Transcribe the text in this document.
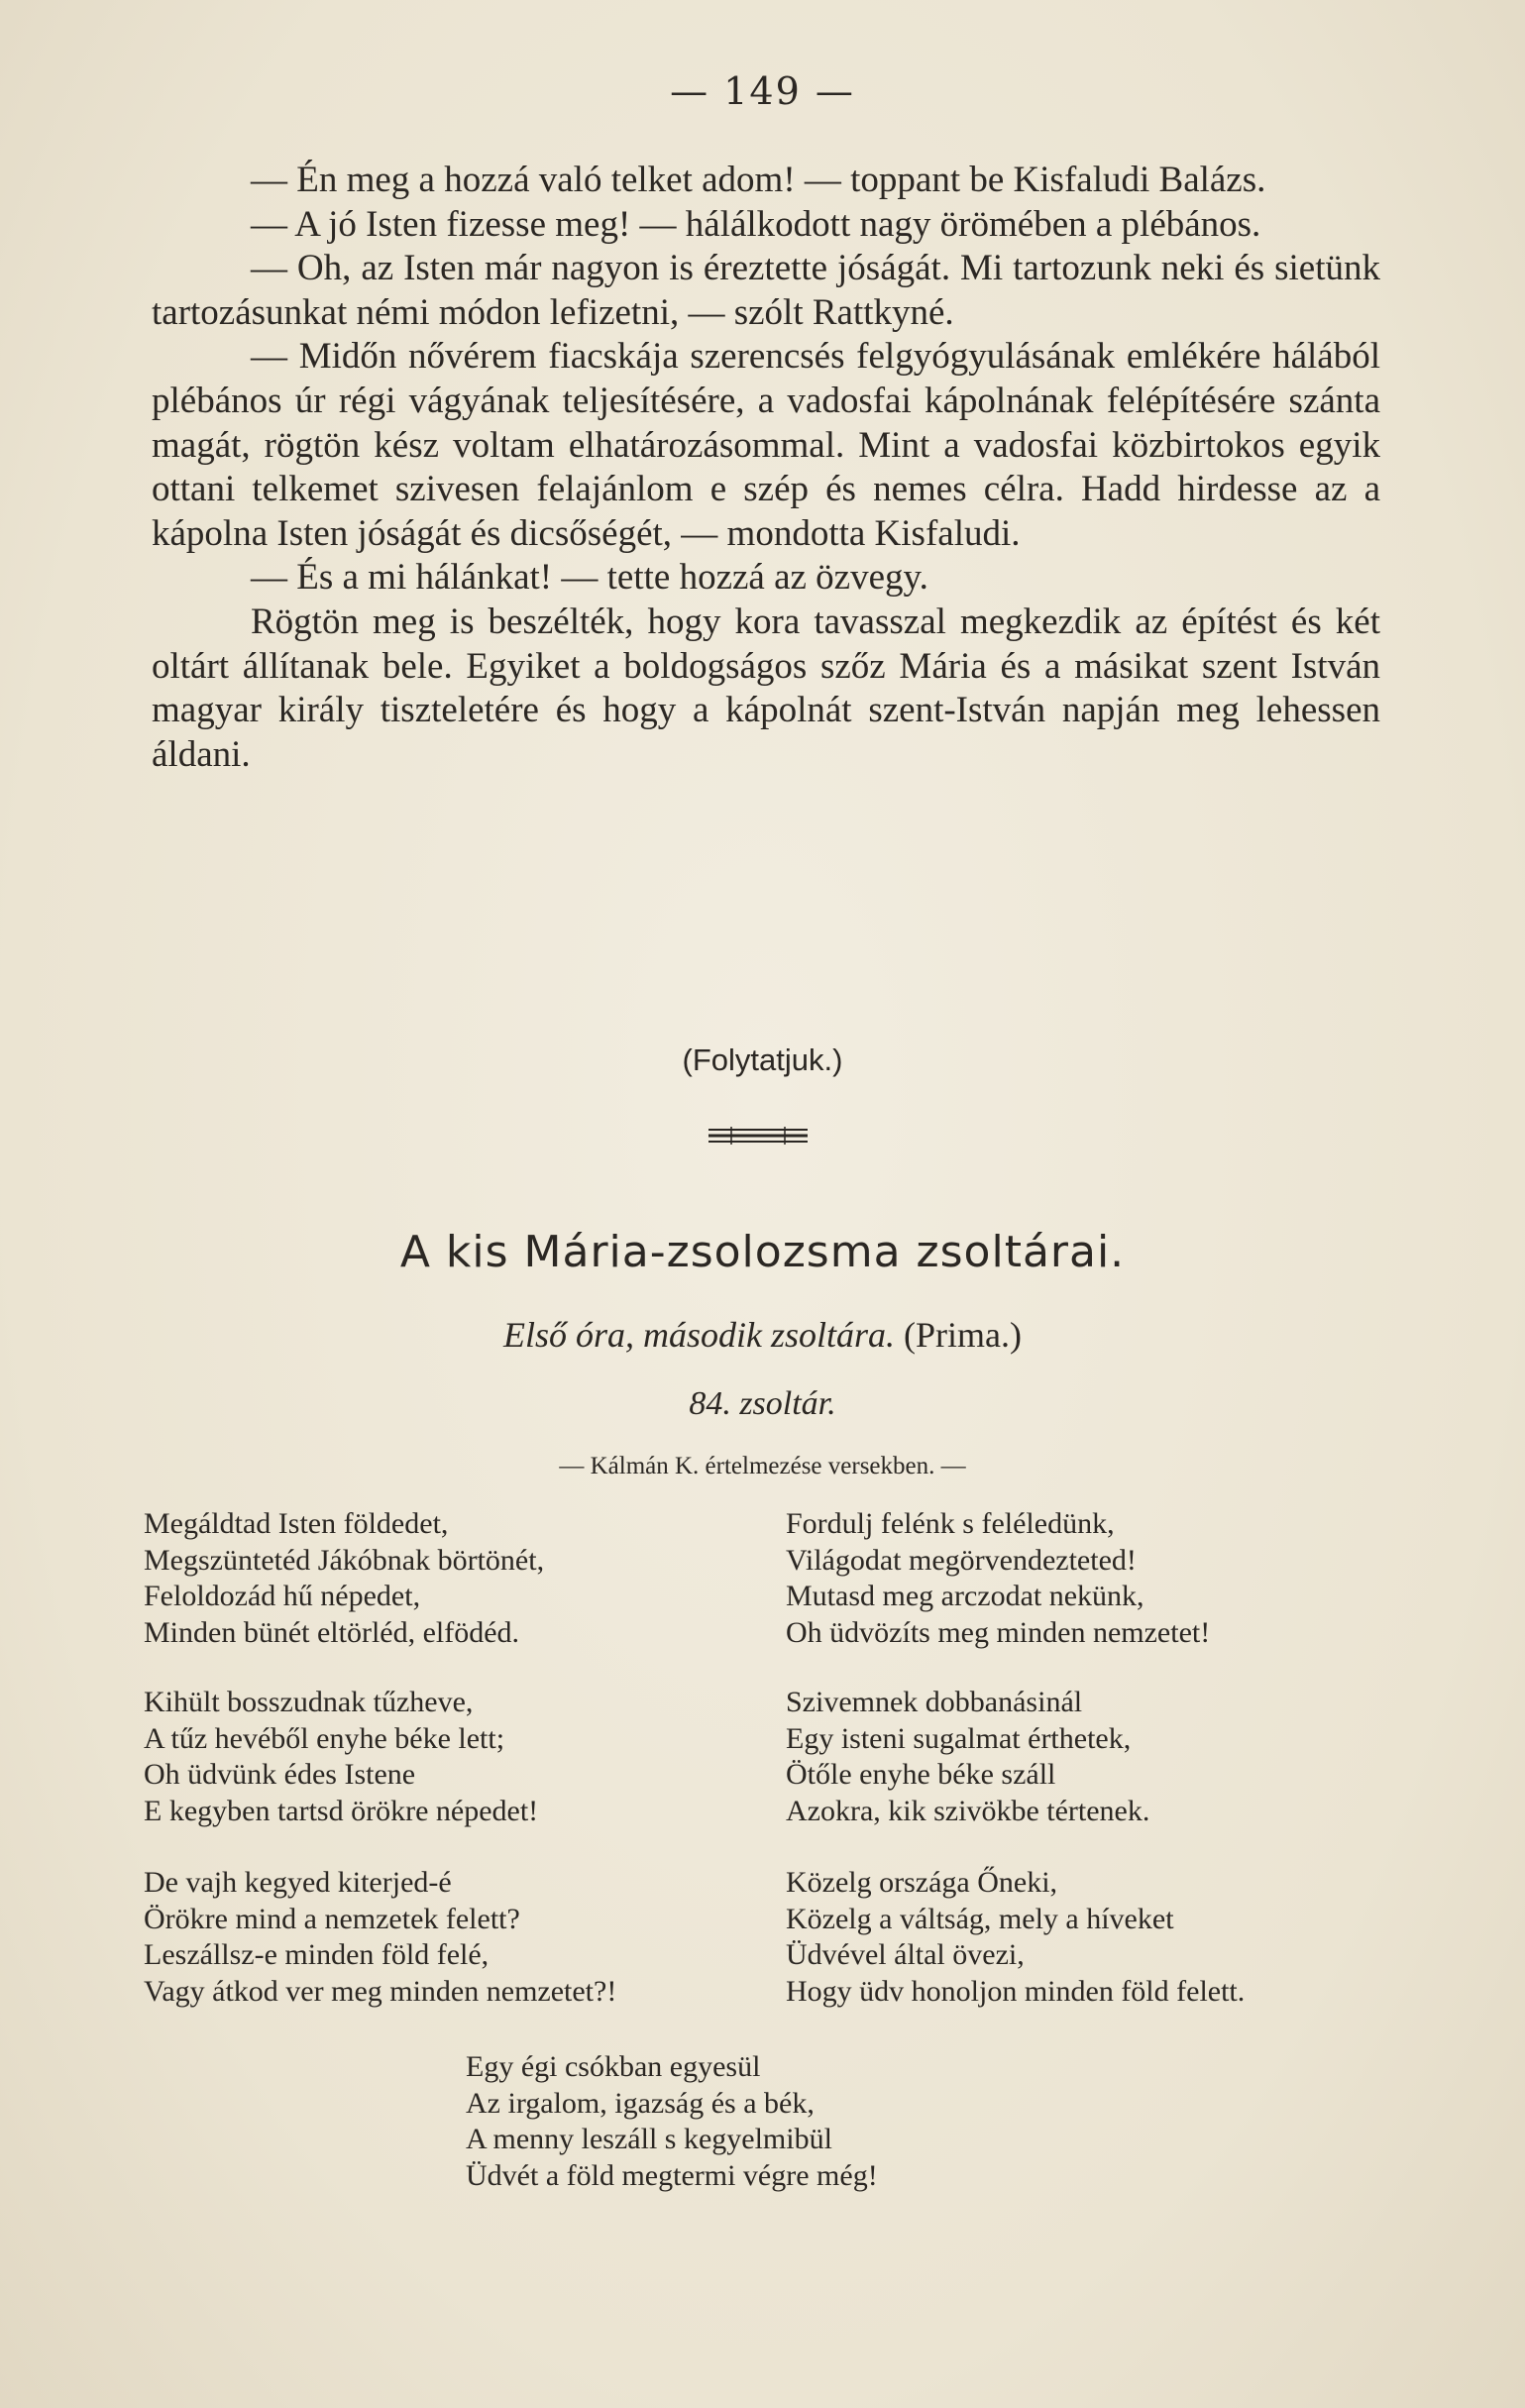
— 149 —

— Én meg a hozzá való telket adom! — toppant be Kisfaludi Balázs.

— A jó Isten fizesse meg! — hálálkodott nagy örömében a plébános.

— Oh, az Isten már nagyon is éreztette jóságát. Mi tartozunk neki és sietünk tartozásunkat némi módon lefizetni, — szólt Rattkyné.

— Midőn nővérem fiacskája szerencsés felgyógyulásának emlékére hálából plébános úr régi vágyának teljesítésére, a vadosfai kápolnának felépítésére szánta magát, rögtön kész voltam elhatározásommal. Mint a vadosfai közbirtokos egyik ottani telkemet szivesen felajánlom e szép és nemes célra. Hadd hirdesse az a kápolna Isten jóságát és dicsőségét, — mondotta Kisfaludi.

— És a mi hálánkat! — tette hozzá az özvegy.

Rögtön meg is beszélték, hogy kora tavasszal megkezdik az építést és két oltárt állítanak bele. Egyiket a boldogságos szőz Mária és a másikat szent István magyar király tiszteletére és hogy a kápolnát szent-István napján meg lehessen áldani.

(Folytatjuk.)
A kis Mária-zsolozsma zsoltárai.
Első óra, második zsoltára. (Prima.)
84. zsoltár.
— Kálmán K. értelmezése versekben. —
Megáldtad Isten földedet,
Megszüntetéd Jákóbnak börtönét,
Feloldozád hű népedet,
Minden bünét eltörléd, elfödéd.
Kihült bosszudnak tűzheve,
A tűz hevéből enyhe béke lett;
Oh üdvünk édes Istene
E kegyben tartsd örökre népedet!
De vajh kegyed kiterjed-é
Örökre mind a nemzetek felett?
Leszállsz-e minden föld felé,
Vagy átkod ver meg minden nemzetet?!
Fordulj felénk s feléledünk,
Világodat megörvendezteted!
Mutasd meg arczodat nekünk,
Oh üdvözíts meg minden nemzetet!
Szivemnek dobbanásinál
Egy isteni sugalmat érthetek,
Ötőle enyhe béke száll
Azokra, kik szivökbe tértenek.
Közelg országa Őneki,
Közelg a váltság, mely a híveket
Üdvével által övezi,
Hogy üdv honoljon minden föld felett.
Egy égi csókban egyesül
Az irgalom, igazság és a bék,
A menny leszáll s kegyelmibül
Üdvét a föld megtermi végre még!
